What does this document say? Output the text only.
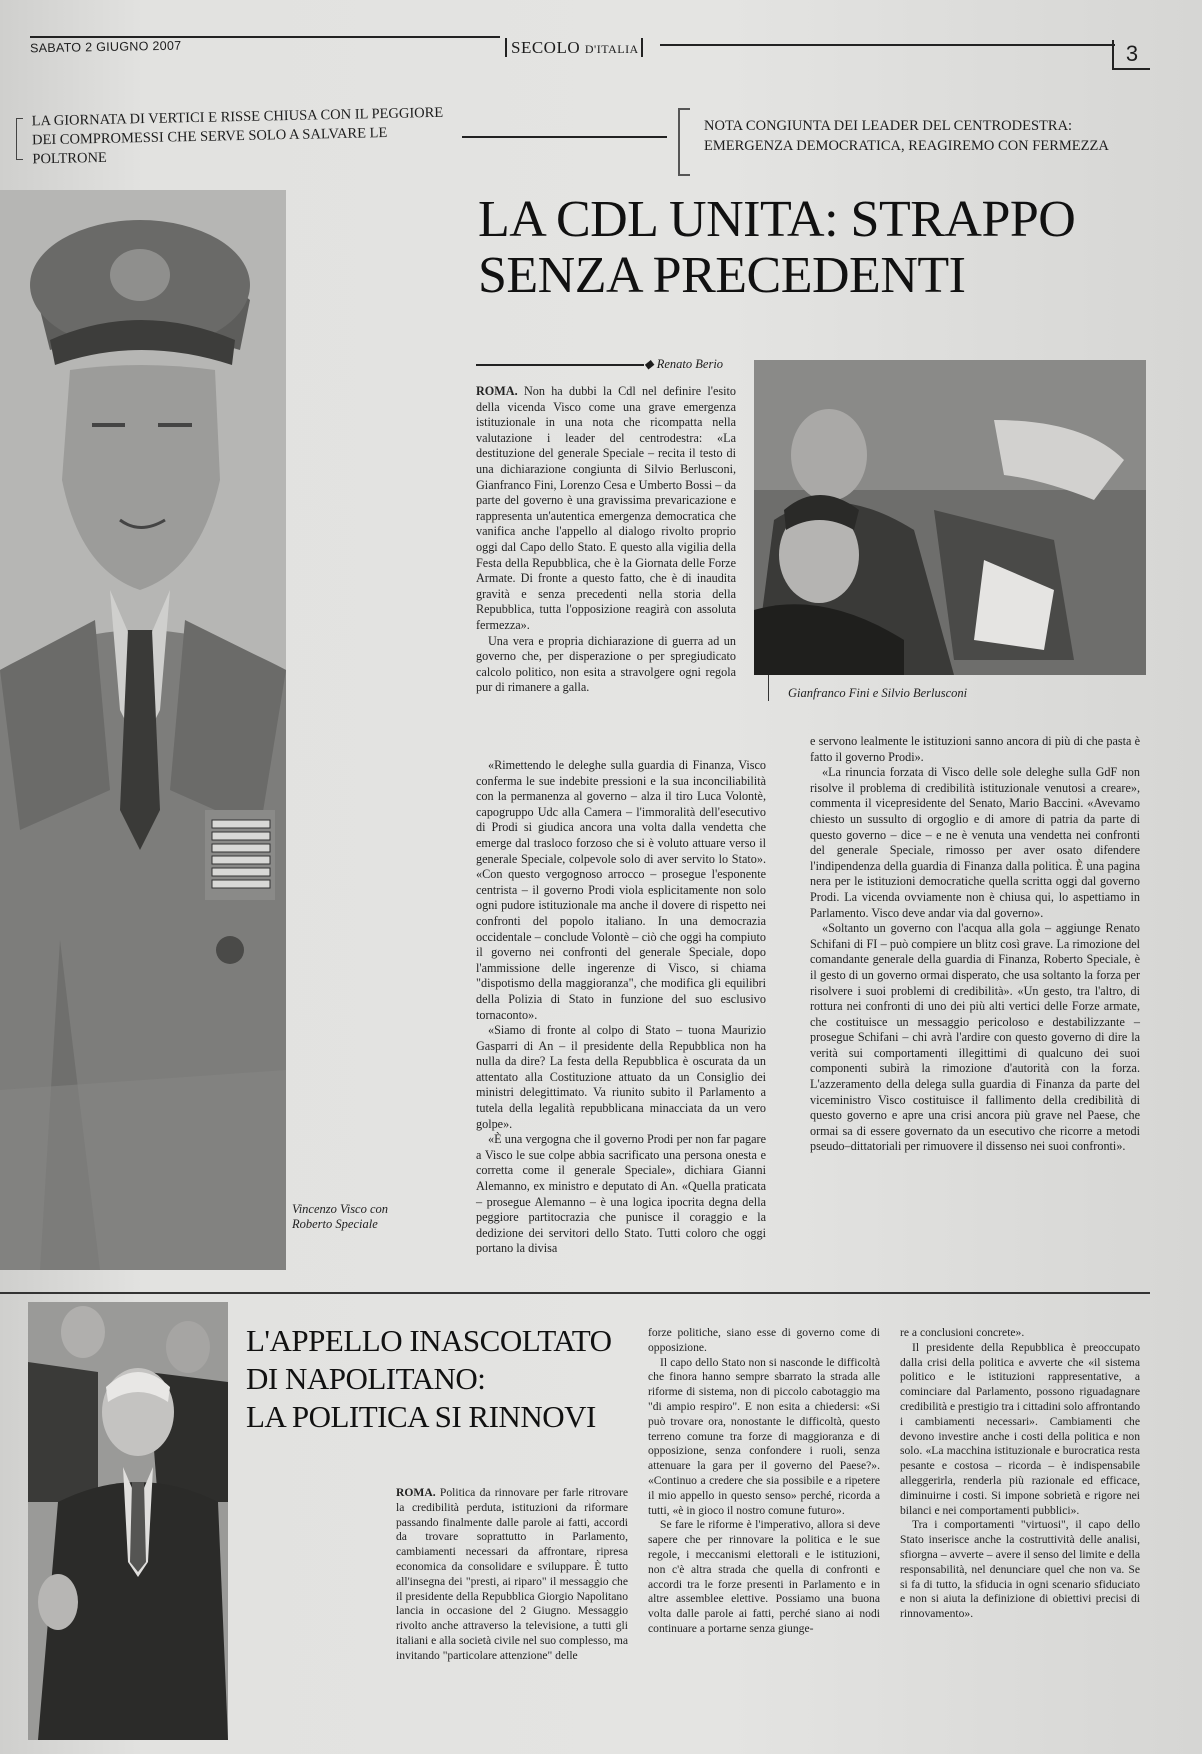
SABATO 2 GIUGNO 2007	SECOLO D'ITALIA	3
LA GIORNATA DI VERTICI E RISSE CHIUSA CON IL PEGGIORE DEI COMPROMESSI CHE SERVE SOLO A SALVARE LE POLTRONE
NOTA CONGIUNTA DEI LEADER DEL CENTRODESTRA: EMERGENZA DEMOCRATICA, REAGIREMO CON FERMEZZA
Vincenzo Visco con Roberto Speciale
LA CDL UNITA: STRAPPO
SENZA PRECEDENTI
◆ Renato Berio
Gianfranco Fini e Silvio Berlusconi

ROMA. Non ha dubbi la Cdl nel definire l'esito della vicenda Visco come una grave emergenza istituzionale in una nota che ricompatta nella valutazione i leader del centrodestra: «La destituzione del generale Speciale – recita il testo di una dichiarazione congiunta di Silvio Berlusconi, Gianfranco Fini, Lorenzo Cesa e Umberto Bossi – da parte del governo è una gravissima prevaricazione e rappresenta un'autentica emergenza democratica che vanifica anche l'appello al dialogo rivolto proprio oggi dal Capo dello Stato. E questo alla vigilia della Festa della Repubblica, che è la Giornata delle Forze Armate. Di fronte a questo fatto, che è di inaudita gravità e senza precedenti nella storia della Repubblica, tutta l'opposizione reagirà con assoluta fermezza».

Una vera e propria dichiarazione di guerra ad un governo che, per disperazione o per spregiudicato calcolo politico, non esita a stravolgere ogni regola pur di rimanere a galla.

«Rimettendo le deleghe sulla guardia di Finanza, Visco conferma le sue indebite pressioni e la sua inconciliabilità con la permanenza al governo – alza il tiro Luca Volontè, capogruppo Udc alla Camera – l'immoralità dell'esecutivo di Prodi si giudica ancora una volta dalla vendetta che emerge dal trasloco forzoso che si è voluto attuare verso il generale Speciale, colpevole solo di aver servito lo Stato». «Con questo vergognoso arrocco – prosegue l'esponente centrista – il governo Prodi viola esplicitamente non solo ogni pudore istituzionale ma anche il dovere di rispetto nei confronti del popolo italiano. In una democrazia occidentale – conclude Volontè – ciò che oggi ha compiuto il governo nei confronti del generale Speciale, dopo l'ammissione delle ingerenze di Visco, si chiama "dispotismo della maggioranza", che modifica gli equilibri della Polizia di Stato in funzione del suo esclusivo tornaconto».

«Siamo di fronte al colpo di Stato – tuona Maurizio Gasparri di An – il presidente della Repubblica non ha nulla da dire? La festa della Repubblica è oscurata da un attentato alla Costituzione attuato da un Consiglio dei ministri delegittimato. Va riunito subito il Parlamento a tutela della legalità repubblicana minacciata da un vero golpe».

«È una vergogna che il governo Prodi per non far pagare a Visco le sue colpe abbia sacrificato una persona onesta e corretta come il generale Speciale», dichiara Gianni Alemanno, ex ministro e deputato di An. «Quella praticata – prosegue Alemanno – è una logica ipocrita degna della peggiore partitocrazia che punisce il coraggio e la dedizione dei servitori dello Stato. Tutti coloro che oggi portano la divisa

e servono lealmente le istituzioni sanno ancora di più di che pasta è fatto il governo Prodi».

«La rinuncia forzata di Visco delle sole deleghe sulla GdF non risolve il problema di credibilità istituzionale venutosi a creare», commenta il vicepresidente del Senato, Mario Baccini. «Avevamo chiesto un sussulto di orgoglio e di amore di patria da parte di questo governo – dice – e ne è venuta una vendetta nei confronti del generale Speciale, rimosso per aver osato difendere l'indipendenza della guardia di Finanza dalla politica. È una pagina nera per le istituzioni democratiche quella scritta oggi dal governo Prodi. La vicenda ovviamente non è chiusa qui, lo aspettiamo in Parlamento. Visco deve andar via dal governo».

«Soltanto un governo con l'acqua alla gola – aggiunge Renato Schifani di FI – può compiere un blitz così grave. La rimozione del comandante generale della guardia di Finanza, Roberto Speciale, è il gesto di un governo ormai disperato, che usa soltanto la forza per risolvere i suoi problemi di credibilità». «Un gesto, tra l'altro, di rottura nei confronti di uno dei più alti vertici delle Forze armate, che costituisce un messaggio pericoloso e destabilizzante – prosegue Schifani – chi avrà l'ardire con questo governo di dire la verità sui comportamenti illegittimi di qualcuno dei suoi componenti subirà la rimozione d'autorità con la forza. L'azzeramento della delega sulla guardia di Finanza da parte del viceministro Visco costituisce il fallimento della credibilità di questo governo e apre una crisi ancora più grave nel Paese, che ormai sa di essere governato da un esecutivo che ricorre a metodi pseudo–dittatoriali per rimuovere il dissenso nei suoi confronti».

L'APPELLO INASCOLTATO
DI NAPOLITANO:
LA POLITICA SI RINNOVI

ROMA. Politica da rinnovare per farle ritrovare la credibilità perduta, istituzioni da riformare passando finalmente dalle parole ai fatti, accordi da trovare soprattutto in Parlamento, cambiamenti necessari da affrontare, ripresa economica da consolidare e sviluppare. È tutto all'insegna dei "presti, ai riparo" il messaggio che il presidente della Repubblica Giorgio Napolitano lancia in occasione del 2 Giugno. Messaggio rivolto anche attraverso la televisione, a tutti gli italiani e alla società civile nel suo complesso, ma invitando "particolare attenzione" delle

forze politiche, siano esse di governo come di opposizione.

Il capo dello Stato non si nasconde le difficoltà che finora hanno sempre sbarrato la strada alle riforme di sistema, non di piccolo cabotaggio ma "di ampio respiro". E non esita a chiedersi: «Si può trovare ora, nonostante le difficoltà, questo terreno comune tra forze di maggioranza e di opposizione, senza confondere i ruoli, senza attenuare la gara per il governo del Paese?». «Continuo a credere che sia possibile e a ripetere il mio appello in questo senso» perché, ricorda a tutti, «è in gioco il nostro comune futuro».

Se fare le riforme è l'imperativo, allora si deve sapere che per rinnovare la politica e le sue regole, i meccanismi elettorali e le istituzioni, non c'è altra strada che quella di confronti e accordi tra le forze presenti in Parlamento e in altre assemblee elettive. Possiamo una buona volta dalle parole ai fatti, perché siano ai nodi continuare a portarne senza giunge-

re a conclusioni concrete».

Il presidente della Repubblica è preoccupato dalla crisi della politica e avverte che «il sistema politico e le istituzioni rappresentative, a cominciare dal Parlamento, possono riguadagnare credibilità e prestigio tra i cittadini solo affrontando i cambiamenti necessari». Cambiamenti che devono investire anche i costi della politica e non solo. «La macchina istituzionale e burocratica resta pesante e costosa – ricorda – è indispensabile alleggerirla, renderla più razionale ed efficace, diminuirne i costi. Si impone sobrietà e rigore nei bilanci e nei comportamenti pubblici».

Tra i comportamenti "virtuosi", il capo dello Stato inserisce anche la costruttività delle analisi, sfiorgna – avverte – avere il senso del limite e della responsabilità, nel denunciare quel che non va. Se si fa di tutto, la sfiducia in ogni scenario sfiduciato e non si aiuta la definizione di obiettivi precisi di rinnovamento».
